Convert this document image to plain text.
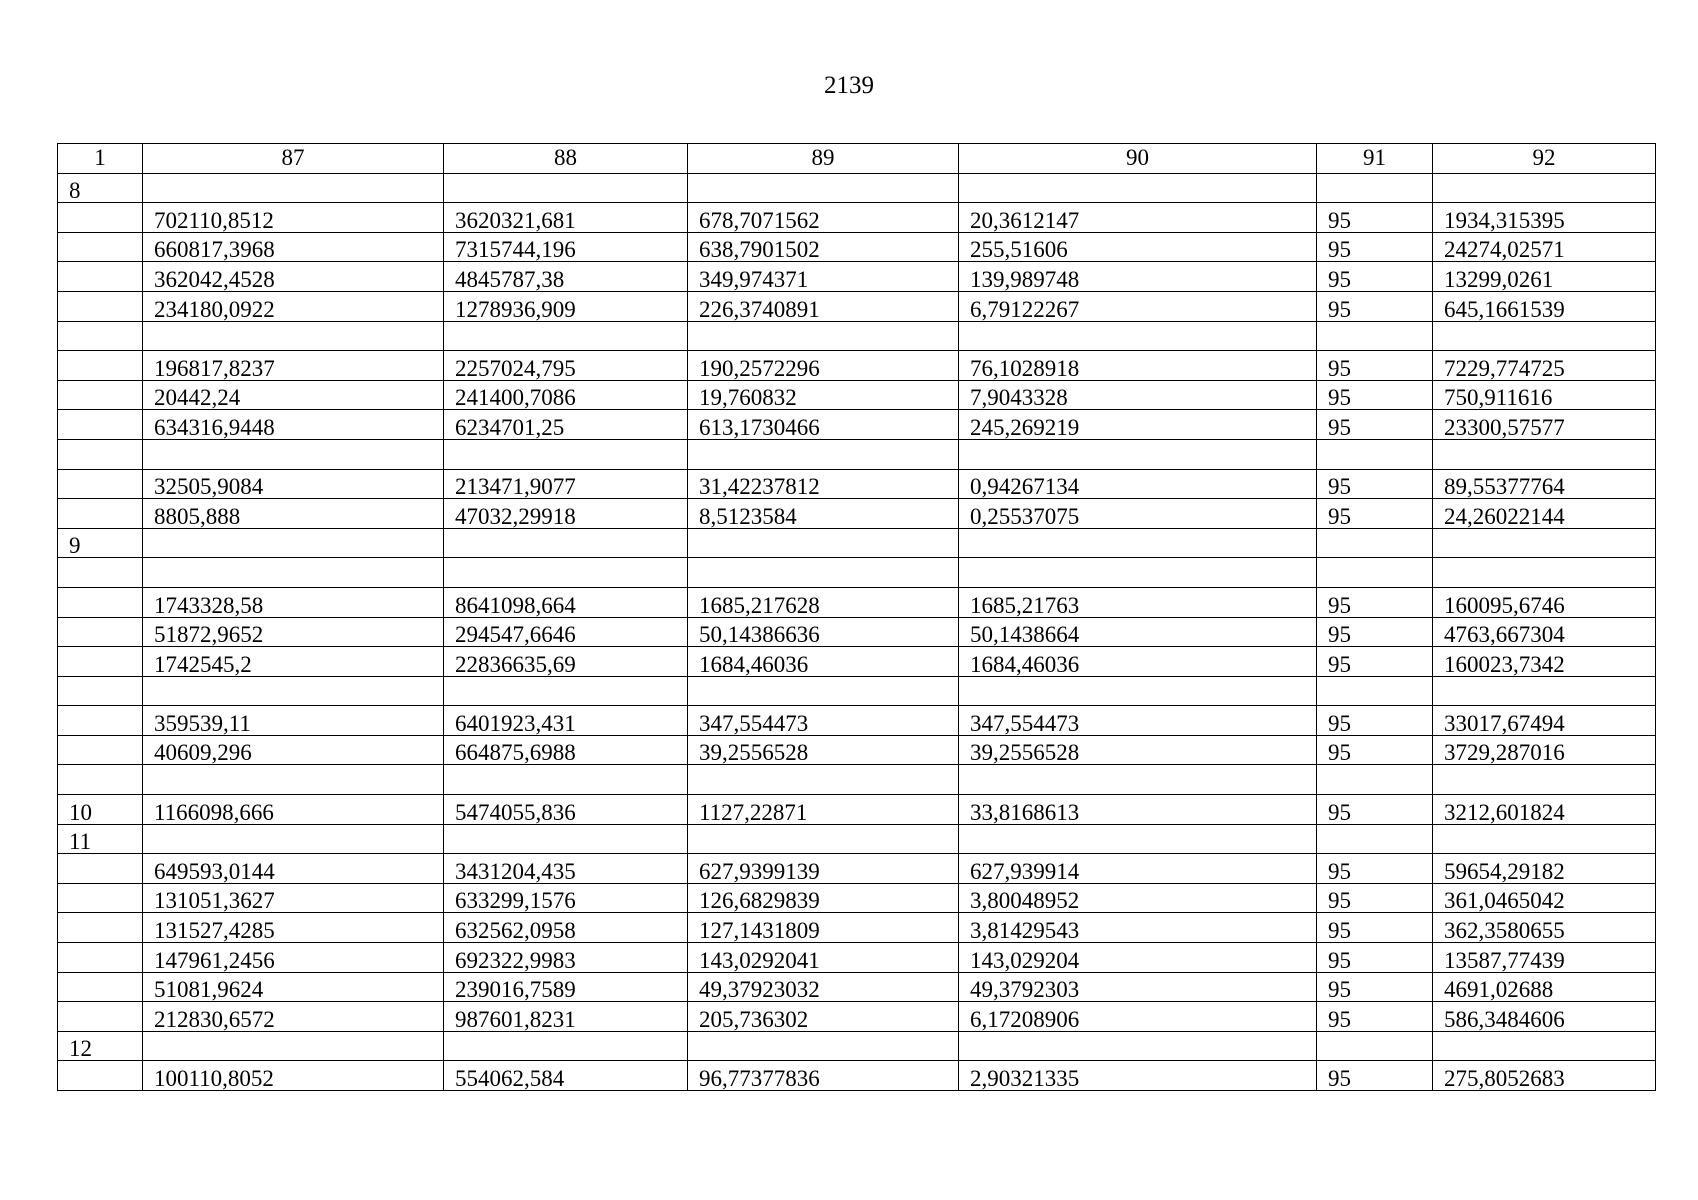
2139
1	87	88	89	90	91	92
8						
	702110,8512	3620321,681	678,7071562	20,3612147	95	1934,315395
	660817,3968	7315744,196	638,7901502	255,51606	95	24274,02571
	362042,4528	4845787,38	349,974371	139,989748	95	13299,0261
	234180,0922	1278936,909	226,3740891	6,79122267	95	645,1661539

	196817,8237	2257024,795	190,2572296	76,1028918	95	7229,774725
	20442,24	241400,7086	19,760832	7,9043328	95	750,911616
	634316,9448	6234701,25	613,1730466	245,269219	95	23300,57577

	32505,9084	213471,9077	31,42237812	0,94267134	95	89,55377764
	8805,888	47032,29918	8,5123584	0,25537075	95	24,26022144
9						

	1743328,58	8641098,664	1685,217628	1685,21763	95	160095,6746
	51872,9652	294547,6646	50,14386636	50,1438664	95	4763,667304
	1742545,2	22836635,69	1684,46036	1684,46036	95	160023,7342

	359539,11	6401923,431	347,554473	347,554473	95	33017,67494
	40609,296	664875,6988	39,2556528	39,2556528	95	3729,287016

10	1166098,666	5474055,836	1127,22871	33,8168613	95	3212,601824
11						
	649593,0144	3431204,435	627,9399139	627,939914	95	59654,29182
	131051,3627	633299,1576	126,6829839	3,80048952	95	361,0465042
	131527,4285	632562,0958	127,1431809	3,81429543	95	362,3580655
	147961,2456	692322,9983	143,0292041	143,029204	95	13587,77439
	51081,9624	239016,7589	49,37923032	49,3792303	95	4691,02688
	212830,6572	987601,8231	205,736302	6,17208906	95	586,3484606
12						
	100110,8052	554062,584	96,77377836	2,90321335	95	275,8052683
